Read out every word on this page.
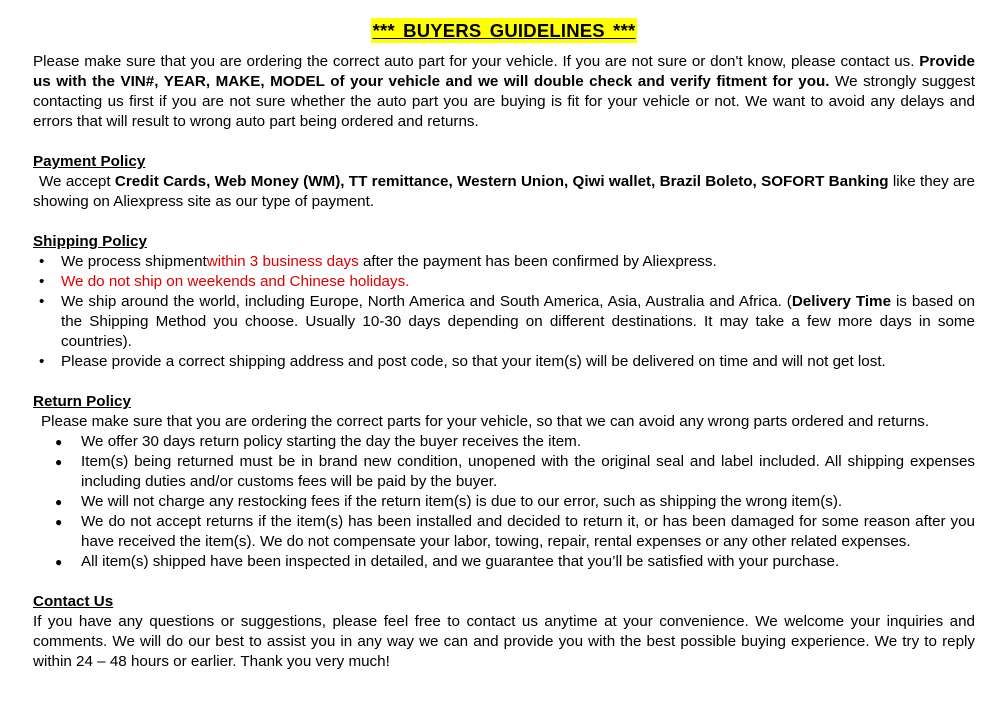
*** BUYERS GUIDELINES ***

Please make sure that you are ordering the correct auto part for your vehicle. If you are not sure or don't know, please contact us. Provide us with the VIN#, YEAR, MAKE, MODEL of your vehicle and we will double check and verify fitment for you. We strongly suggest contacting us first if you are not sure whether the auto part you are buying is fit for your vehicle or not. We want to avoid any delays and errors that will result to wrong auto part being ordered and returns.

Payment Policy

We accept Credit Cards, Web Money (WM), TT remittance, Western Union, Qiwi wallet, Brazil Boleto, SOFORT Banking like they are showing on Aliexpress site as our type of payment.

Shipping Policy

• We process shipmentwithin 3 business days after the payment has been confirmed by Aliexpress.
• We do not ship on weekends and Chinese holidays.
• We ship around the world, including Europe, North America and South America, Asia, Australia and Africa. (Delivery Time is based on the Shipping Method you choose. Usually 10-30 days depending on different destinations. It may take a few more days in some countries).
• Please provide a correct shipping address and post code, so that your item(s) will be delivered on time and will not get lost.

Return Policy

Please make sure that you are ordering the correct parts for your vehicle, so that we can avoid any wrong parts ordered and returns.

● We offer 30 days return policy starting the day the buyer receives the item.
● Item(s) being returned must be in brand new condition, unopened with the original seal and label included. All shipping expenses including duties and/or customs fees will be paid by the buyer.
● We will not charge any restocking fees if the return item(s) is due to our error, such as shipping the wrong item(s).
● We do not accept returns if the item(s) has been installed and decided to return it, or has been damaged for some reason after you have received the item(s). We do not compensate your labor, towing, repair, rental expenses or any other related expenses.
● All item(s) shipped have been inspected in detailed, and we guarantee that you’ll be satisfied with your purchase.

Contact Us

If you have any questions or suggestions, please feel free to contact us anytime at your convenience. We welcome your inquiries and comments. We will do our best to assist you in any way we can and provide you with the best possible buying experience. We try to reply within 24 – 48 hours or earlier. Thank you very much!
